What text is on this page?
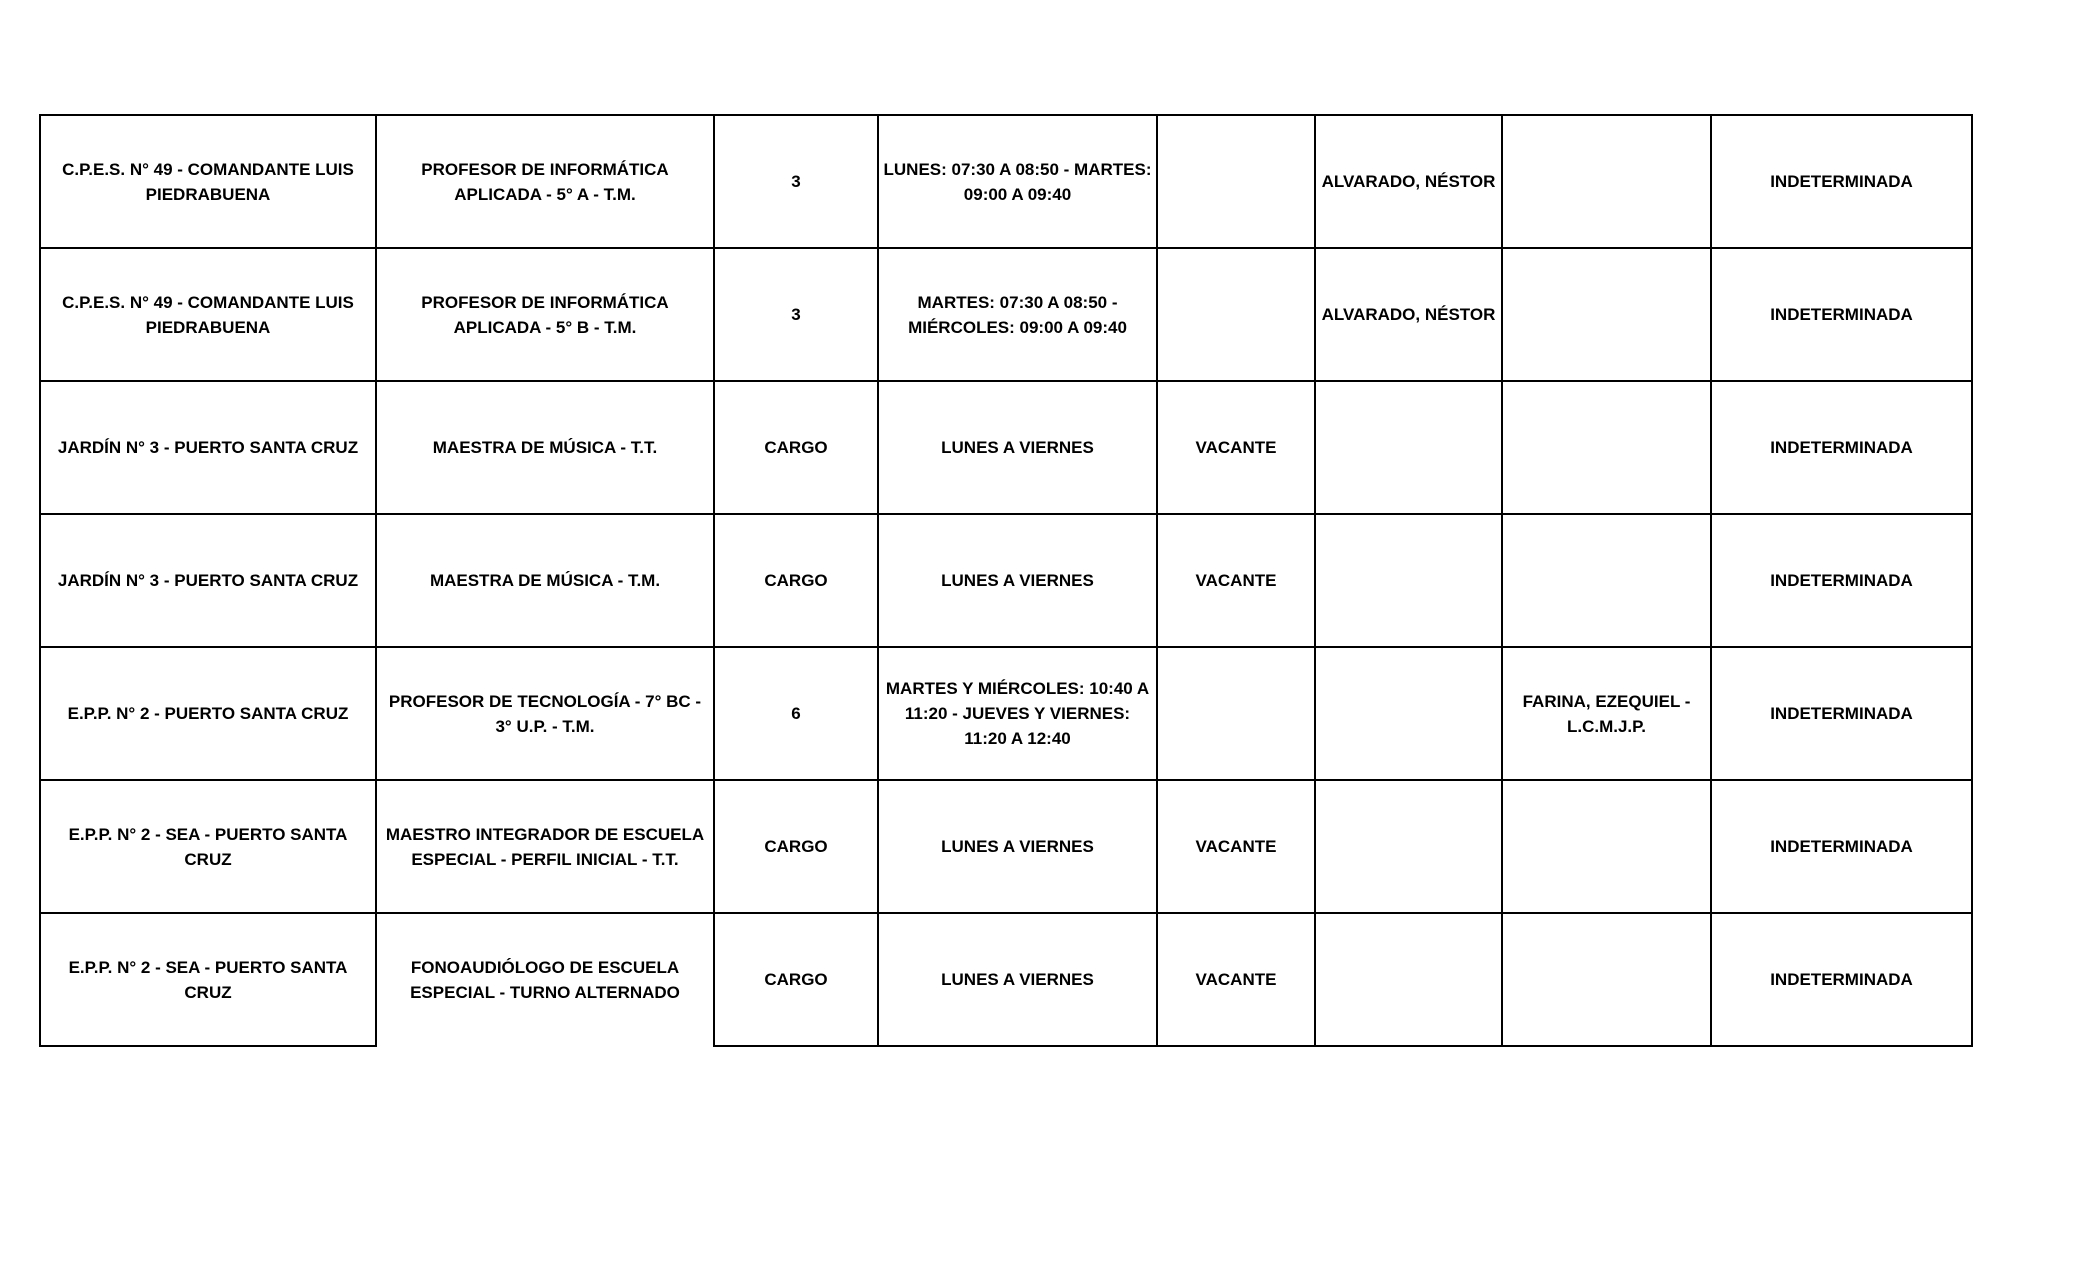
C.P.E.S. N° 49 - COMANDANTE LUIS PIEDRABUENA	PROFESOR DE INFORMÁTICA APLICADA - 5° A - T.M.	3	LUNES: 07:30 A 08:50 - MARTES: 09:00 A 09:40		ALVARADO, NÉSTOR		INDETERMINADA
C.P.E.S. N° 49 - COMANDANTE LUIS PIEDRABUENA	PROFESOR DE INFORMÁTICA APLICADA - 5° B - T.M.	3	MARTES: 07:30 A 08:50 - MIÉRCOLES: 09:00 A 09:40		ALVARADO, NÉSTOR		INDETERMINADA
JARDÍN N° 3 - PUERTO SANTA CRUZ	MAESTRA DE MÚSICA - T.T.	CARGO	LUNES A VIERNES	VACANTE			INDETERMINADA
JARDÍN N° 3 - PUERTO SANTA CRUZ	MAESTRA DE MÚSICA - T.M.	CARGO	LUNES A VIERNES	VACANTE			INDETERMINADA
E.P.P. N° 2 - PUERTO SANTA CRUZ	PROFESOR DE TECNOLOGÍA - 7° BC - 3° U.P. - T.M.	6	MARTES Y MIÉRCOLES: 10:40 A 11:20 - JUEVES Y VIERNES: 11:20 A 12:40			FARINA, EZEQUIEL - L.C.M.J.P.	INDETERMINADA
E.P.P. N° 2 - SEA - PUERTO SANTA CRUZ	MAESTRO INTEGRADOR DE ESCUELA ESPECIAL - PERFIL INICIAL - T.T.	CARGO	LUNES A VIERNES	VACANTE			INDETERMINADA
E.P.P. N° 2 - SEA - PUERTO SANTA CRUZ	FONOAUDIÓLOGO DE ESCUELA ESPECIAL - TURNO ALTERNADO	CARGO	LUNES A VIERNES	VACANTE			INDETERMINADA
